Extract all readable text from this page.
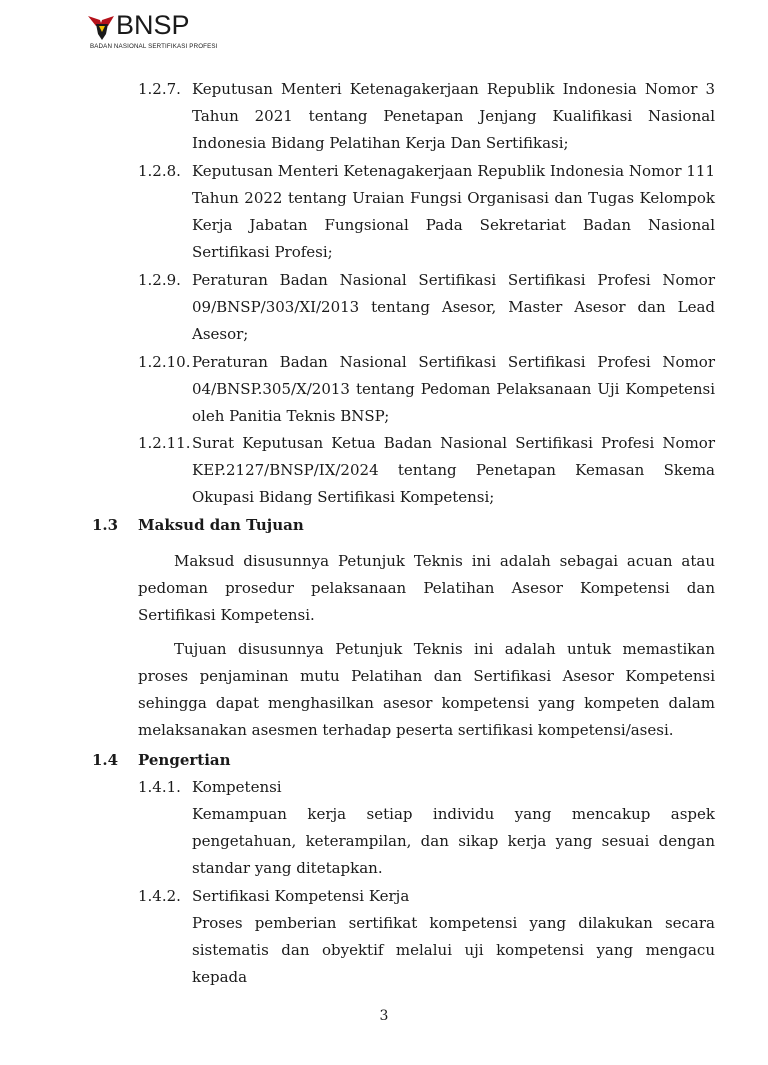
BNSP
BADAN NASIONAL SERTIFIKASI PROFESI
1.2.7. Keputusan Menteri Ketenagakerjaan Republik Indonesia Nomor 3 Tahun 2021 tentang Penetapan Jenjang Kualifikasi Nasional Indonesia Bidang Pelatihan Kerja Dan Sertifikasi;
1.2.8. Keputusan Menteri Ketenagakerjaan Republik Indonesia Nomor 111 Tahun 2022 tentang Uraian Fungsi Organisasi dan Tugas Kelompok Kerja Jabatan Fungsional Pada Sekretariat Badan Nasional Sertifikasi Profesi;
1.2.9. Peraturan Badan Nasional Sertifikasi Sertifikasi Profesi Nomor 09/BNSP/303/XI/2013 tentang Asesor, Master Asesor dan Lead Asesor;
1.2.10. Peraturan Badan Nasional Sertifikasi Sertifikasi Profesi Nomor 04/BNSP.305/X/2013 tentang Pedoman Pelaksanaan Uji Kompetensi oleh Panitia Teknis BNSP;
1.2.11. Surat Keputusan Ketua Badan Nasional Sertifikasi Profesi Nomor KEP.2127/BNSP/IX/2024 tentang Penetapan Kemasan Skema Okupasi Bidang Sertifikasi Kompetensi;
1.3 Maksud dan Tujuan
Maksud disusunnya Petunjuk Teknis ini adalah sebagai acuan atau pedoman prosedur pelaksanaan Pelatihan Asesor Kompetensi dan Sertifikasi Kompetensi.
Tujuan disusunnya Petunjuk Teknis ini adalah untuk memastikan proses penjaminan mutu Pelatihan dan Sertifikasi Asesor Kompetensi sehingga dapat menghasilkan asesor kompetensi yang kompeten dalam melaksanakan asesmen terhadap peserta sertifikasi kompetensi/asesi.
1.4 Pengertian
1.4.1. Kompetensi
Kemampuan kerja setiap individu yang mencakup aspek pengetahuan, keterampilan, dan sikap kerja yang sesuai dengan standar yang ditetapkan.
1.4.2. Sertifikasi Kompetensi Kerja
Proses pemberian sertifikat kompetensi yang dilakukan secara sistematis dan obyektif melalui uji kompetensi yang mengacu kepada
3
